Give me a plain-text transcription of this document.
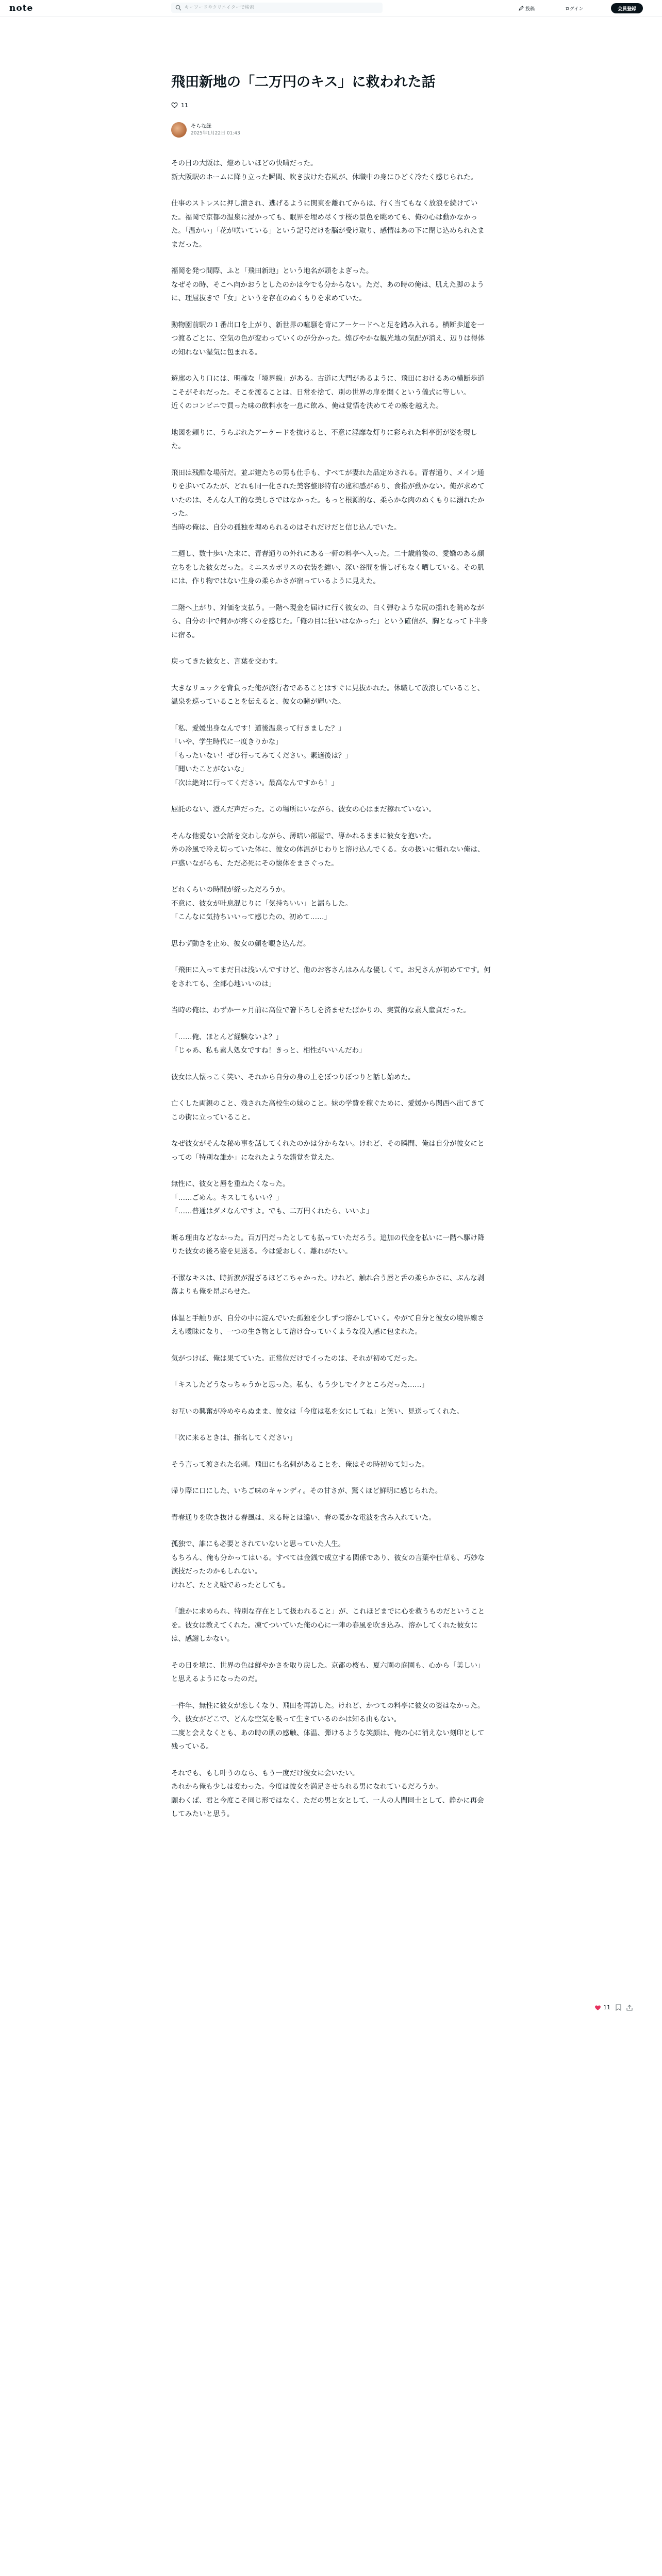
note
キーワードやクリエイターで検索	投稿	ログイン	会員登録
飛田新地の「二万円のキス」に救われた話
11
そらな緑
2025年1月22日 01:43

その日の大阪は、燈めしいほどの快晴だった。
新大阪駅のホームに降り立った瞬間、吹き抜けた春風が、休職中の身にひどく冷たく感じられた。

仕事のストレスに押し潰され、逃げるように関東を離れてからは、行く当てもなく放浪を続けていた。福岡で京都の温泉に浸かっても、眠界を埋め尽くす桜の景色を眺めても、俺の心は動かなかった。「温かい」「花が咲いている」という記号だけを脳が受け取り、感情はあの下に閉じ込められたままだった。

福岡を発つ間際、ふと「飛田新地」という地名が頭をよぎった。
なぜその時、そこへ向かおうとしたのかは今でも分からない。ただ、あの時の俺は、肌えた脚のように、理屈抜きで「女」というを存在のぬくもりを求めていた。

動物園前駅の１番出口を上がり、新世界の喧騒を背にアーケードへと足を踏み入れる。横断歩道を一つ渡るごとに、空気の色が変わっていくのが分かった。煌びやかな観光地の気配が消え、辺りは得体の知れない湿気に包まれる。

遊廓の入り口には、明確な「境界線」がある。古道に大門があるように、飛田におけるあの横断歩道こそがそれだった。そこを渡ることは、日常を捨て、別の世界の扉を開くという儀式に等しい。
近くのコンビニで買った味の飲料水を一息に飲み、俺は覚悟を決めてその線を越えた。

地図を頼りに、うらぶれたアーケードを抜けると、不意に淫靡な灯りに彩られた料亭街が姿を現した。

飛田は残酷な場所だ。並ぶ建たちの男も仕手も、すべてが妻れた品定めされる。青春通り、メイン通りを歩いてみたが、どれも同一化された美容整形特有の違和感があり、食指が動かない。俺が求めていたのは、そんな人工的な美しさではなかった。もっと根源的な、柔らかな肉のぬくもりに溺れたかった。
当時の俺は、自分の孤独を埋められるのはそれだけだと信じ込んでいた。

二週し、数十歩いた末に、青春通りの外れにある一軒の料亭へ入った。二十歳前後の、愛嬌のある顔立ちをした彼女だった。ミニスカボリスの衣装を纏い、深い谷間を惜しげもなく晒している。その肌には、作り物ではない生身の柔らかさが宿っているように見えた。

二階へ上がり、対価を支払う。一階へ現金を届けに行く彼女の、白く弾むような尻の揺れを眺めながら、自分の中で何かが疼くのを感じた。「俺の目に狂いはなかった」という確信が、胸となって下半身に宿る。

戻ってきた彼女と、言葉を交わす。

大きなリュックを背負った俺が旅行者であることはすぐに見抜かれた。休職して放浪していること、温泉を巡っていることを伝えると、彼女の瞳が輝いた。

「私、愛媛出身なんです！道後温泉って行きました？」
「いや、学生時代に一度きりかな」
「もったいない！ぜひ行ってみてください。素適後は？」
「聞いたことがないな」
「次は絶対に行ってください。最高なんですから！」

屈託のない、澄んだ声だった。この場所にいながら、彼女の心はまだ擦れていない。

そんな他愛ない会話を交わしながら、薄暗い部屋で、導かれるままに彼女を抱いた。
外の冷風で冷え切っていた体に、彼女の体温がじわりと溶け込んでくる。女の扱いに慣れない俺は、戸惑いながらも、ただ必死にその懐体をまさぐった。

どれくらいの時間が経っただろうか。
不意に、彼女が吐息混じりに「気持ちいい」と漏らした。
「こんなに気持ちいいって感じたの、初めて……」

思わず動きを止め、彼女の顔を覗き込んだ。

「飛田に入ってまだ日は浅いんですけど、他のお客さんはみんな優しくて。お兄さんが初めてです。何をされても、全部心地いいのは」

当時の俺は、わずか一ヶ月前に高位で箸下ろしを済ませたばかりの、実質的な素人童貞だった。

「……俺、ほとんど経験ないよ？」
「じゃあ、私も素人処女ですね！きっと、相性がいいんだわ」

彼女は人懐っこく笑い、それから自分の身の上をぽつりぽつりと話し始めた。

亡くした両親のこと、残された高校生の妹のこと。妹の学費を稼ぐために、愛媛から関西へ出てきてこの街に立っていること。

なぜ彼女がそんな秘め事を話してくれたのかは分からない。けれど、その瞬間、俺は自分が彼女にとっての「特別な誰か」になれたような錯覚を覚えた。

無性に、彼女と唇を重ねたくなった。
「……ごめん。キスしてもいい？」
「……普通はダメなんですよ。でも、二万円くれたら、いいよ」

断る理由などなかった。百万円だったとしても払っていただろう。追加の代金を払いに一階へ駆け降りた彼女の後ろ姿を見送る。今は愛おしく、離れがたい。

不潔なキスは、時折涙が混ざるほどこちゃかった。けれど、触れ合う唇と舌の柔らかさに、ぶんな剥落よりも俺を昂ぶらせた。

体温と手触りが、自分の中に淀んでいた孤独を少しずつ溶かしていく。やがて自分と彼女の境界線さえも曖昧になり、一つの生き物として溶け合っていくような没入感に包まれた。

気がつけば、俺は果てていた。正常位だけでイったのは、それが初めてだった。

「キスしたどうなっちゃうかと思った。私も、もう少しでイクところだった……」

お互いの興奮が冷めやらぬまま、彼女は「今度は私を女にしてね」と笑い、見送ってくれた。

「次に来るときは、指名してください」

そう言って渡された名刺。飛田にも名刺があることを、俺はその時初めて知った。

帰り際に口にした、いちご味のキャンディ。その甘さが、驚くほど鮮明に感じられた。

青春通りを吹き抜ける春風は、来る時とは違い、春の暖かな電波を含み入れていた。

孤独で、誰にも必要とされていないと思っていた人生。
もちろん、俺も分かってはいる。すべては金銭で成立する関係であり、彼女の言葉や仕草も、巧妙な演技だったのかもしれない。
けれど、たとえ嘘であったとしても。

「誰かに求められ、特別な存在として扱われること」が、これほどまでに心を救うものだということを。彼女は教えてくれた。凍てついていた俺の心に一陣の春風を吹き込み、溶かしてくれた彼女には、感謝しかない。

その日を境に、世界の色は鮮やかさを取り戻した。京都の桜も、夏六園の庭園も、心から「美しい」と思えるようになったのだ。

一件年、無性に彼女が恋しくなり、飛田を再訪した。けれど、かつての料亭に彼女の姿はなかった。
今、彼女がどこで、どんな空気を吸って生きているのかは知る由もない。
二度と会えなくとも、あの時の肌の感触、体温、弾けるような笑顔は、俺の心に消えない刻印として残っている。

それでも、もし叶うのなら、もう一度だけ彼女に会いたい。
あれから俺も少しは変わった。今度は彼女を満足させられる男になれているだろうか。
願わくば、君と今度こそ同じ形ではなく、ただの男と女として、一人の人間同士として、静かに再会してみたいと思う。

11
